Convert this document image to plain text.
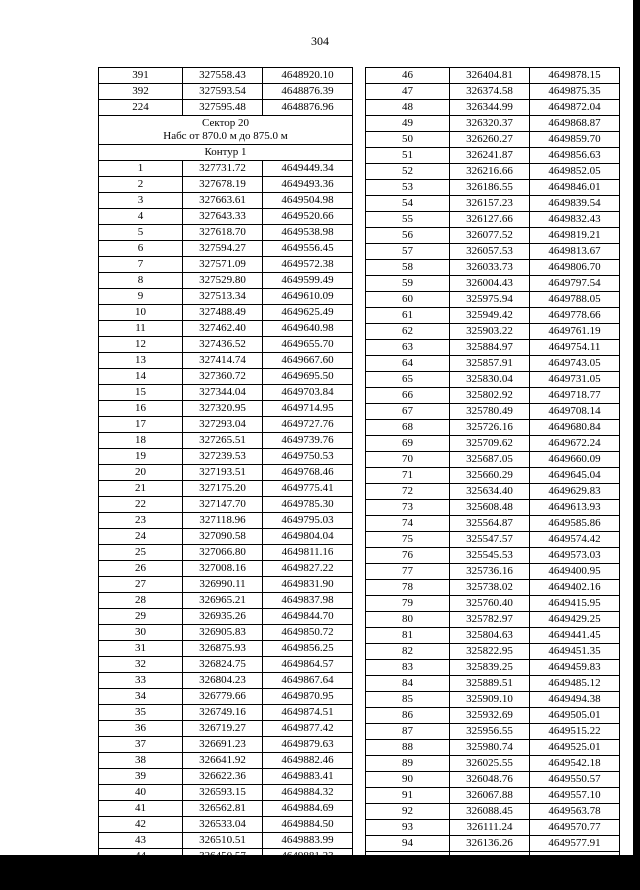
304
391	327558.43	4648920.10
392	327593.54	4648876.39
224	327595.48	4648876.96

Сектор 20
Набс от 870.0 м до 875.0 м		

Контур 1		
1	327731.72	4649449.34
2	327678.19	4649493.36
3	327663.61	4649504.98
4	327643.33	4649520.66
5	327618.70	4649538.98
6	327594.27	4649556.45
7	327571.09	4649572.38
8	327529.80	4649599.49
9	327513.34	4649610.09
10	327488.49	4649625.49
11	327462.40	4649640.98
12	327436.52	4649655.70
13	327414.74	4649667.60
14	327360.72	4649695.50
15	327344.04	4649703.84
16	327320.95	4649714.95
17	327293.04	4649727.76
18	327265.51	4649739.76
19	327239.53	4649750.53
20	327193.51	4649768.46
21	327175.20	4649775.41
22	327147.70	4649785.30
23	327118.96	4649795.03
24	327090.58	4649804.04
25	327066.80	4649811.16
26	327008.16	4649827.22
27	326990.11	4649831.90
28	326965.21	4649837.98
29	326935.26	4649844.70
30	326905.83	4649850.72
31	326875.93	4649856.25
32	326824.75	4649864.57
33	326804.23	4649867.64
34	326779.66	4649870.95
35	326749.16	4649874.51
36	326719.27	4649877.42
37	326691.23	4649879.63
38	326641.92	4649882.46
39	326622.36	4649883.41
40	326593.15	4649884.32
41	326562.81	4649884.69
42	326533.04	4649884.50
43	326510.51	4649883.99
44	326450.57	4649881.23
45	326434.46	4649880.33
46	326404.81	4649878.15
47	326374.58	4649875.35
48	326344.99	4649872.04
49	326320.37	4649868.87
50	326260.27	4649859.70
51	326241.87	4649856.63
52	326216.66	4649852.05
53	326186.55	4649846.01
54	326157.23	4649839.54
55	326127.66	4649832.43
56	326077.52	4649819.21
57	326057.53	4649813.67
58	326033.73	4649806.70
59	326004.43	4649797.54
60	325975.94	4649788.05
61	325949.42	4649778.66
62	325903.22	4649761.19
63	325884.97	4649754.11
64	325857.91	4649743.05
65	325830.04	4649731.05
66	325802.92	4649718.77
67	325780.49	4649708.14
68	325726.16	4649680.84
69	325709.62	4649672.24
70	325687.05	4649660.09
71	325660.29	4649645.04
72	325634.40	4649629.83
73	325608.48	4649613.93
74	325564.87	4649585.86
75	325547.57	4649574.42
76	325545.53	4649573.03
77	325736.16	4649400.95
78	325738.02	4649402.16
79	325760.40	4649415.95
80	325782.97	4649429.25
81	325804.63	4649441.45
82	325822.95	4649451.35
83	325839.25	4649459.83
84	325889.51	4649485.12
85	325909.10	4649494.38
86	325932.69	4649505.01
87	325956.55	4649515.22
88	325980.74	4649525.01
89	326025.55	4649542.18
90	326048.76	4649550.57
91	326067.88	4649557.10
92	326088.45	4649563.78
93	326111.24	4649570.77
94	326136.26	4649577.91
95	326185.42	4649590.99
96	326210.97	4649597.19
